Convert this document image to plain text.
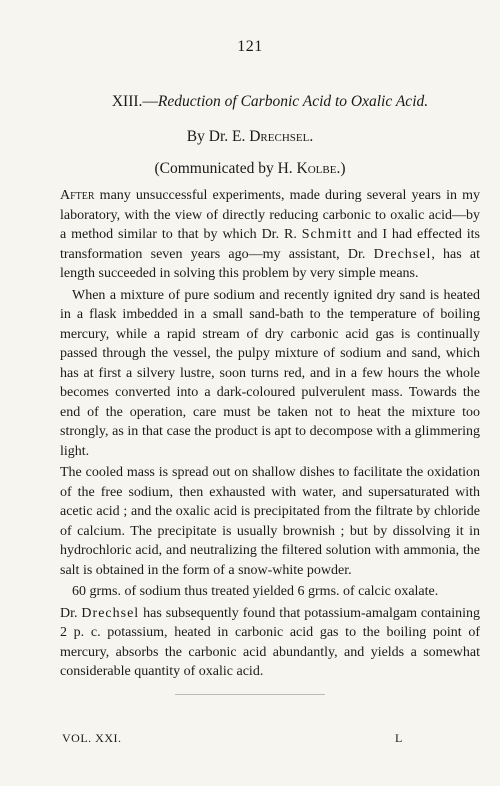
121
XIII.—Reduction of Carbonic Acid to Oxalic Acid.
By Dr. E. Drechsel.
(Communicated by H. Kolbe.)

After many unsuccessful experiments, made during several years in my laboratory, with the view of directly reducing carbonic to oxalic acid—by a method similar to that by which Dr. R. Schmitt and I had effected its transformation seven years ago—my assistant, Dr. Drechsel, has at length succeeded in solving this problem by very simple means.

When a mixture of pure sodium and recently ignited dry sand is heated in a flask imbedded in a small sand-bath to the temperature of boiling mercury, while a rapid stream of dry carbonic acid gas is continually passed through the vessel, the pulpy mixture of sodium and sand, which has at first a silvery lustre, soon turns red, and in a few hours the whole becomes converted into a dark-coloured pulverulent mass. Towards the end of the operation, care must be taken not to heat the mixture too strongly, as in that case the product is apt to decompose with a glimmering light.

The cooled mass is spread out on shallow dishes to facilitate the oxidation of the free sodium, then exhausted with water, and supersaturated with acetic acid ; and the oxalic acid is precipitated from the filtrate by chloride of calcium. The precipitate is usually brownish ; but by dissolving it in hydrochloric acid, and neutralizing the filtered solution with ammonia, the salt is obtained in the form of a snow-white powder.

60 grms. of sodium thus treated yielded 6 grms. of calcic oxalate.

Dr. Drechsel has subsequently found that potassium-amalgam containing 2 p. c. potassium, heated in carbonic acid gas to the boiling point of mercury, absorbs the carbonic acid abundantly, and yields a somewhat considerable quantity of oxalic acid.

VOL. XXI.	L
